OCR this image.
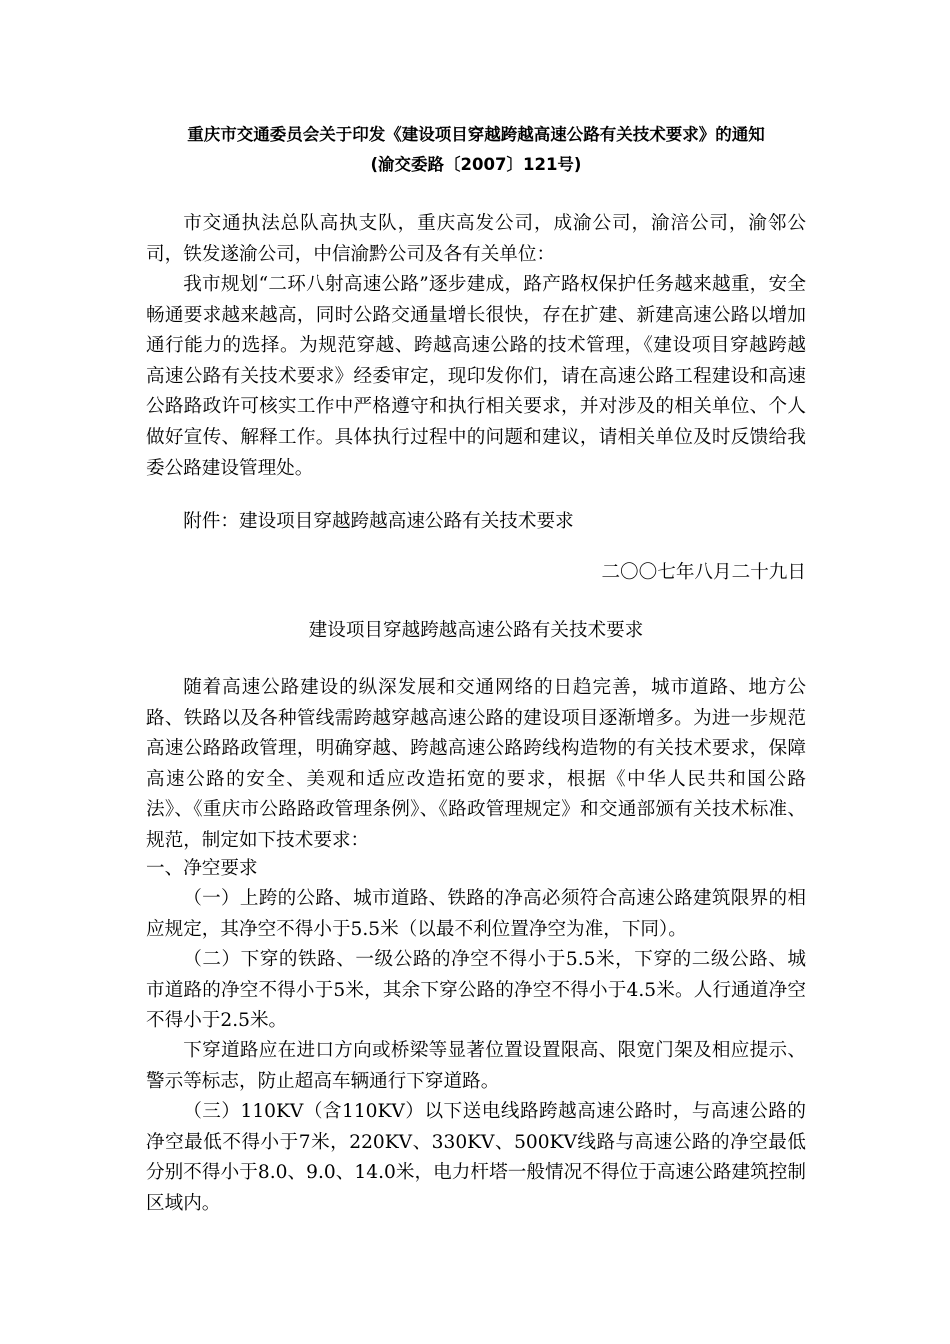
重庆市交通委员会关于印发《建设项目穿越跨越高速公路有关技术要求》的通知
(渝交委路〔2007〕121号)

市交通执法总队高执支队，重庆高发公司，成渝公司，渝涪公司，渝邻公司，铁发遂渝公司，中信渝黔公司及各有关单位：

我市规划“二环八射高速公路”逐步建成，路产路权保护任务越来越重，安全畅通要求越来越高，同时公路交通量增长很快，存在扩建、新建高速公路以增加通行能力的选择。为规范穿越、跨越高速公路的技术管理，《建设项目穿越跨越高速公路有关技术要求》经委审定，现印发你们，请在高速公路工程建设和高速公路路政许可核实工作中严格遵守和执行相关要求，并对涉及的相关单位、个人做好宣传、解释工作。具体执行过程中的问题和建议，请相关单位及时反馈给我委公路建设管理处。

附件：建设项目穿越跨越高速公路有关技术要求

二〇〇七年八月二十九日

建设项目穿越跨越高速公路有关技术要求

随着高速公路建设的纵深发展和交通网络的日趋完善，城市道路、地方公路、铁路以及各种管线需跨越穿越高速公路的建设项目逐渐增多。为进一步规范高速公路路政管理，明确穿越、跨越高速公路跨线构造物的有关技术要求，保障高速公路的安全、美观和适应改造拓宽的要求，根据《中华人民共和国公路法》、《重庆市公路路政管理条例》、《路政管理规定》和交通部颁有关技术标准、规范，制定如下技术要求：

一、净空要求

（一）上跨的公路、城市道路、铁路的净高必须符合高速公路建筑限界的相应规定，其净空不得小于5.5米（以最不利位置净空为准，下同）。

（二）下穿的铁路、一级公路的净空不得小于5.5米，下穿的二级公路、城市道路的净空不得小于5米，其余下穿公路的净空不得小于4.5米。人行通道净空不得小于2.5米。

下穿道路应在进口方向或桥梁等显著位置设置限高、限宽门架及相应提示、警示等标志，防止超高车辆通行下穿道路。

（三）110KV（含110KV）以下送电线路跨越高速公路时，与高速公路的净空最低不得小于7米，220KV、330KV、500KV线路与高速公路的净空最低分别不得小于8.0、9.0、14.0米，电力杆塔一般情况不得位于高速公路建筑控制区域内。
